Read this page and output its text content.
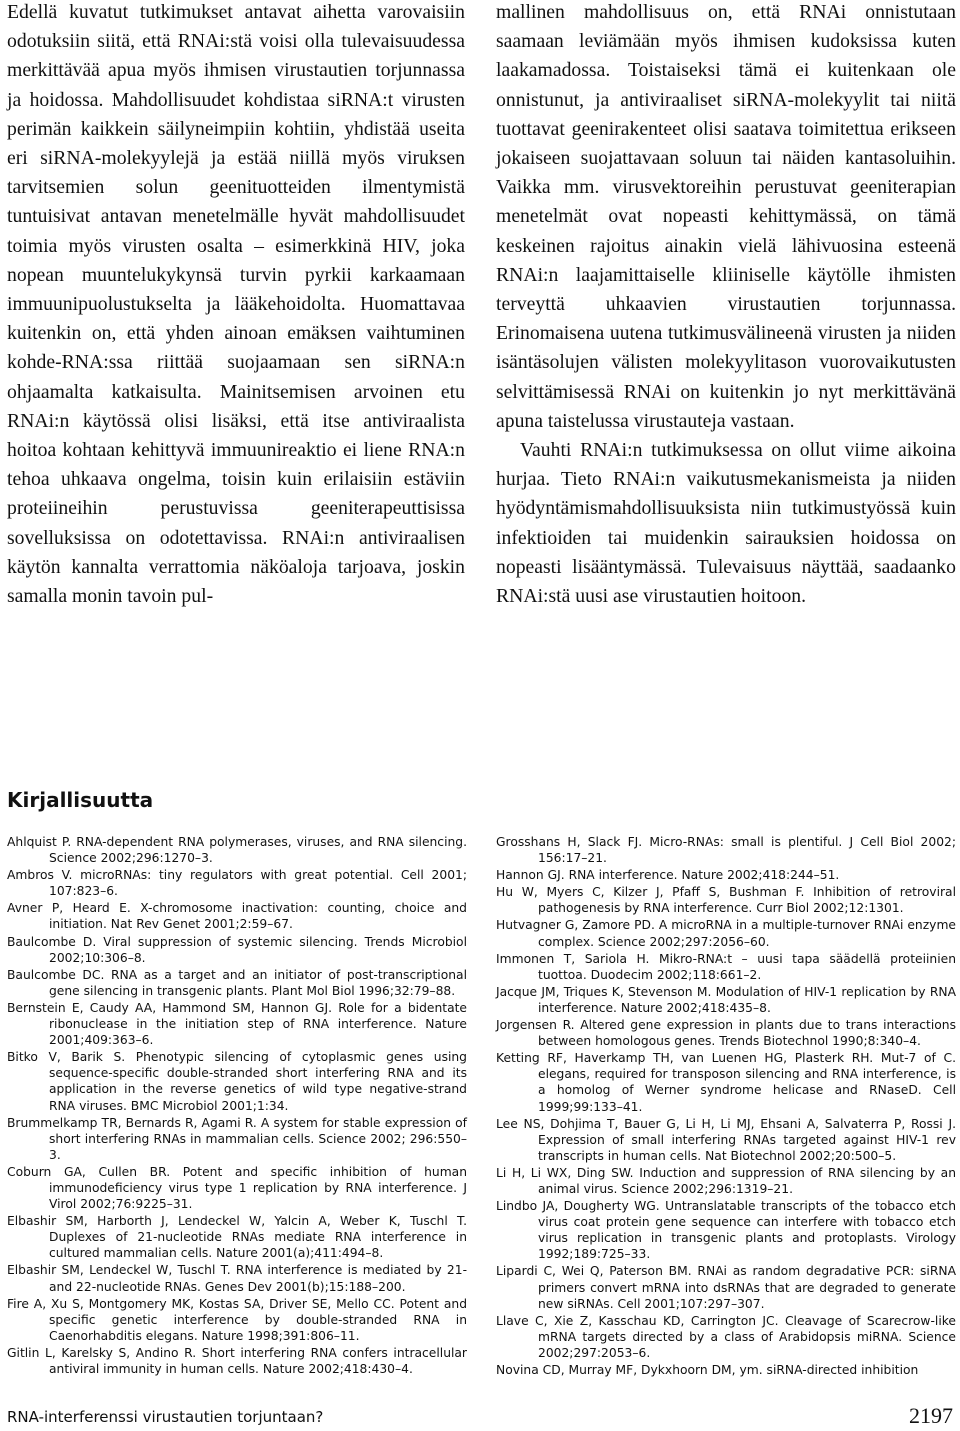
Edellä kuvatut tutkimukset antavat aihetta varovaisiin odotuksiin siitä, että RNAi:stä voisi olla tulevaisuudessa merkittävää apua myös ihmisen virustautien torjunnassa ja hoidossa. Mahdollisuudet kohdistaa siRNA:t virusten perimän kaikkein säilyneimpiin kohtiin, yhdistää useita eri siRNA-molekyylejä ja estää niillä myös viruksen tarvitsemien solun geenituotteiden ilmentymistä tuntuisivat antavan menetelmälle hyvät mahdollisuudet toimia myös virusten osalta – esimerkkinä HIV, joka nopean muuntelukykynsä turvin pyrkii karkaamaan immuunipuolustukselta ja lääkehoidolta. Huomattavaa kuitenkin on, että yhden ainoan emäksen vaihtuminen kohde-RNA:ssa riittää suojaamaan sen siRNA:n ohjaamalta katkaisulta. Mainitsemisen arvoinen etu RNAi:n käytössä olisi lisäksi, että itse antiviraalista hoitoa kohtaan kehittyvä immuunireaktio ei liene RNA:n tehoa uhkaava ongelma, toisin kuin erilaisiin estäviin proteiineihin perustuvissa geeniterapeuttisissa sovelluksissa on odotettavissa. RNAi:n antiviraalisen käytön kannalta verrattomia näköaloja tarjoava, joskin samalla monin tavoin pul-

mallinen mahdollisuus on, että RNAi onnistutaan saamaan leviämään myös ihmisen kudoksissa kuten laakamadossa. Toistaiseksi tämä ei kuitenkaan ole onnistunut, ja antiviraaliset siRNA-molekyylit tai niitä tuottavat geenirakenteet olisi saatava toimitettua erikseen jokaiseen suojattavaan soluun tai näiden kantasoluihin. Vaikka mm. virusvektoreihin perustuvat geeniterapian menetelmät ovat nopeasti kehittymässä, on tämä keskeinen rajoitus ainakin vielä lähivuosina esteenä RNAi:n laajamittaiselle kliiniselle käytölle ihmisten terveyttä uhkaavien virustautien torjunnassa. Erinomaisena uutena tutkimusvälineenä virusten ja niiden isäntäsolujen välisten molekyylitason vuorovaikutusten selvittämisessä RNAi on kuitenkin jo nyt merkittävänä apuna taistelussa virustauteja vastaan.

Vauhti RNAi:n tutkimuksessa on ollut viime aikoina hurjaa. Tieto RNAi:n vaikutusmekanismeista ja niiden hyödyntämismahdollisuuksista niin tutkimustyössä kuin infektioiden tai muidenkin sairauksien hoidossa on nopeasti lisääntymässä. Tulevaisuus näyttää, saadaanko RNAi:stä uusi ase virustautien hoitoon.

Kirjallisuutta

Ahlquist P. RNA-dependent RNA polymerases, viruses, and RNA silencing. Science 2002;296:1270–3.

Ambros V. microRNAs: tiny regulators with great potential. Cell 2001; 107:823–6.

Avner P, Heard E. X-chromosome inactivation: counting, choice and initiation. Nat Rev Genet 2001;2:59–67.

Baulcombe D. Viral suppression of systemic silencing. Trends Microbiol 2002;10:306–8.

Baulcombe DC. RNA as a target and an initiator of post-transcriptional gene silencing in transgenic plants. Plant Mol Biol 1996;32:79–88.

Bernstein E, Caudy AA, Hammond SM, Hannon GJ. Role for a bidentate ribonuclease in the initiation step of RNA interference. Nature 2001;409:363–6.

Bitko V, Barik S. Phenotypic silencing of cytoplasmic genes using sequence-specific double-stranded short interfering RNA and its application in the reverse genetics of wild type negative-strand RNA viruses. BMC Microbiol 2001;1:34.

Brummelkamp TR, Bernards R, Agami R. A system for stable expression of short interfering RNAs in mammalian cells. Science 2002; 296:550–3.

Coburn GA, Cullen BR. Potent and specific inhibition of human immunodeficiency virus type 1 replication by RNA interference. J Virol 2002;76:9225–31.

Elbashir SM, Harborth J, Lendeckel W, Yalcin A, Weber K, Tuschl T. Duplexes of 21-nucleotide RNAs mediate RNA interference in cultured mammalian cells. Nature 2001(a);411:494–8.

Elbashir SM, Lendeckel W, Tuschl T. RNA interference is mediated by 21- and 22-nucleotide RNAs. Genes Dev 2001(b);15:188–200.

Fire A, Xu S, Montgomery MK, Kostas SA, Driver SE, Mello CC. Potent and specific genetic interference by double-stranded RNA in Caenorhabditis elegans. Nature 1998;391:806–11.

Gitlin L, Karelsky S, Andino R. Short interfering RNA confers intracellular antiviral immunity in human cells. Nature 2002;418:430–4.

Grosshans H, Slack FJ. Micro-RNAs: small is plentiful. J Cell Biol 2002; 156:17–21.

Hannon GJ. RNA interference. Nature 2002;418:244–51.

Hu W, Myers C, Kilzer J, Pfaff S, Bushman F. Inhibition of retroviral pathogenesis by RNA interference. Curr Biol 2002;12:1301.

Hutvagner G, Zamore PD. A microRNA in a multiple-turnover RNAi enzyme complex. Science 2002;297:2056–60.

Immonen T, Sariola H. Mikro-RNA:t – uusi tapa säädellä proteiinien tuottoa. Duodecim 2002;118:661–2.

Jacque JM, Triques K, Stevenson M. Modulation of HIV-1 replication by RNA interference. Nature 2002;418:435–8.

Jorgensen R. Altered gene expression in plants due to trans interactions between homologous genes. Trends Biotechnol 1990;8:340–4.

Ketting RF, Haverkamp TH, van Luenen HG, Plasterk RH. Mut-7 of C. elegans, required for transposon silencing and RNA interference, is a homolog of Werner syndrome helicase and RNaseD. Cell 1999;99:133–41.

Lee NS, Dohjima T, Bauer G, Li H, Li MJ, Ehsani A, Salvaterra P, Rossi J. Expression of small interfering RNAs targeted against HIV-1 rev transcripts in human cells. Nat Biotechnol 2002;20:500–5.

Li H, Li WX, Ding SW. Induction and suppression of RNA silencing by an animal virus. Science 2002;296:1319–21.

Lindbo JA, Dougherty WG. Untranslatable transcripts of the tobacco etch virus coat protein gene sequence can interfere with tobacco etch virus replication in transgenic plants and protoplasts. Virology 1992;189:725–33.

Lipardi C, Wei Q, Paterson BM. RNAi as random degradative PCR: siRNA primers convert mRNA into dsRNAs that are degraded to generate new siRNAs. Cell 2001;107:297–307.

Llave C, Xie Z, Kasschau KD, Carrington JC. Cleavage of Scarecrow-like mRNA targets directed by a class of Arabidopsis miRNA. Science 2002;297:2053–6.

Novina CD, Murray MF, Dykxhoorn DM, ym. siRNA-directed inhibition

RNA-interferenssi virustautien torjuntaan?	2197
